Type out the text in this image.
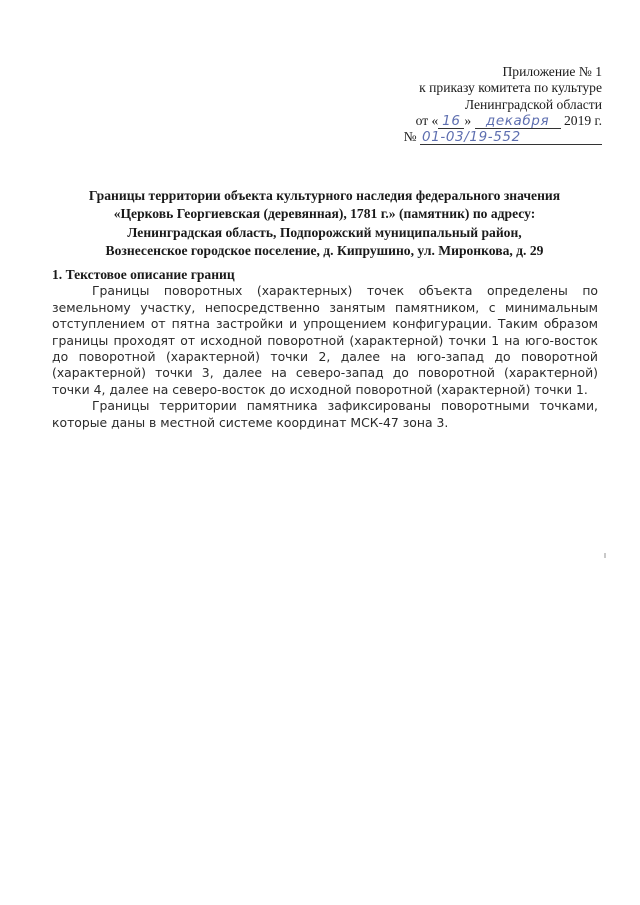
Приложение № 1
к приказу комитета по культуре
Ленинградской области
от « 16 » декабря 2019 г.
№ 01-03/19-552
Границы территории объекта культурного наследия федерального значения
«Церковь Георгиевская (деревянная), 1781 г.» (памятник) по адресу:
Ленинградская область, Подпорожский муниципальный район,
Вознесенское городское поселение, д. Кипрушино, ул. Миронкова, д. 29

1. Текстовое описание границ

Границы поворотных (характерных) точек объекта определены по земельному участку, непосредственно занятым памятником, с минимальным отступлением от пятна застройки и упрощением конфигурации. Таким образом границы проходят от исходной поворотной (характерной) точки 1 на юго-восток до поворотной (характерной) точки 2, далее на юго-запад до поворотной (характерной) точки 3, далее на северо-запад до поворотной (характерной) точки 4, далее на северо-восток до исходной поворотной (характерной) точки 1.

Границы территории памятника зафиксированы поворотными точками, которые даны в местной системе координат МСК-47 зона 3.
